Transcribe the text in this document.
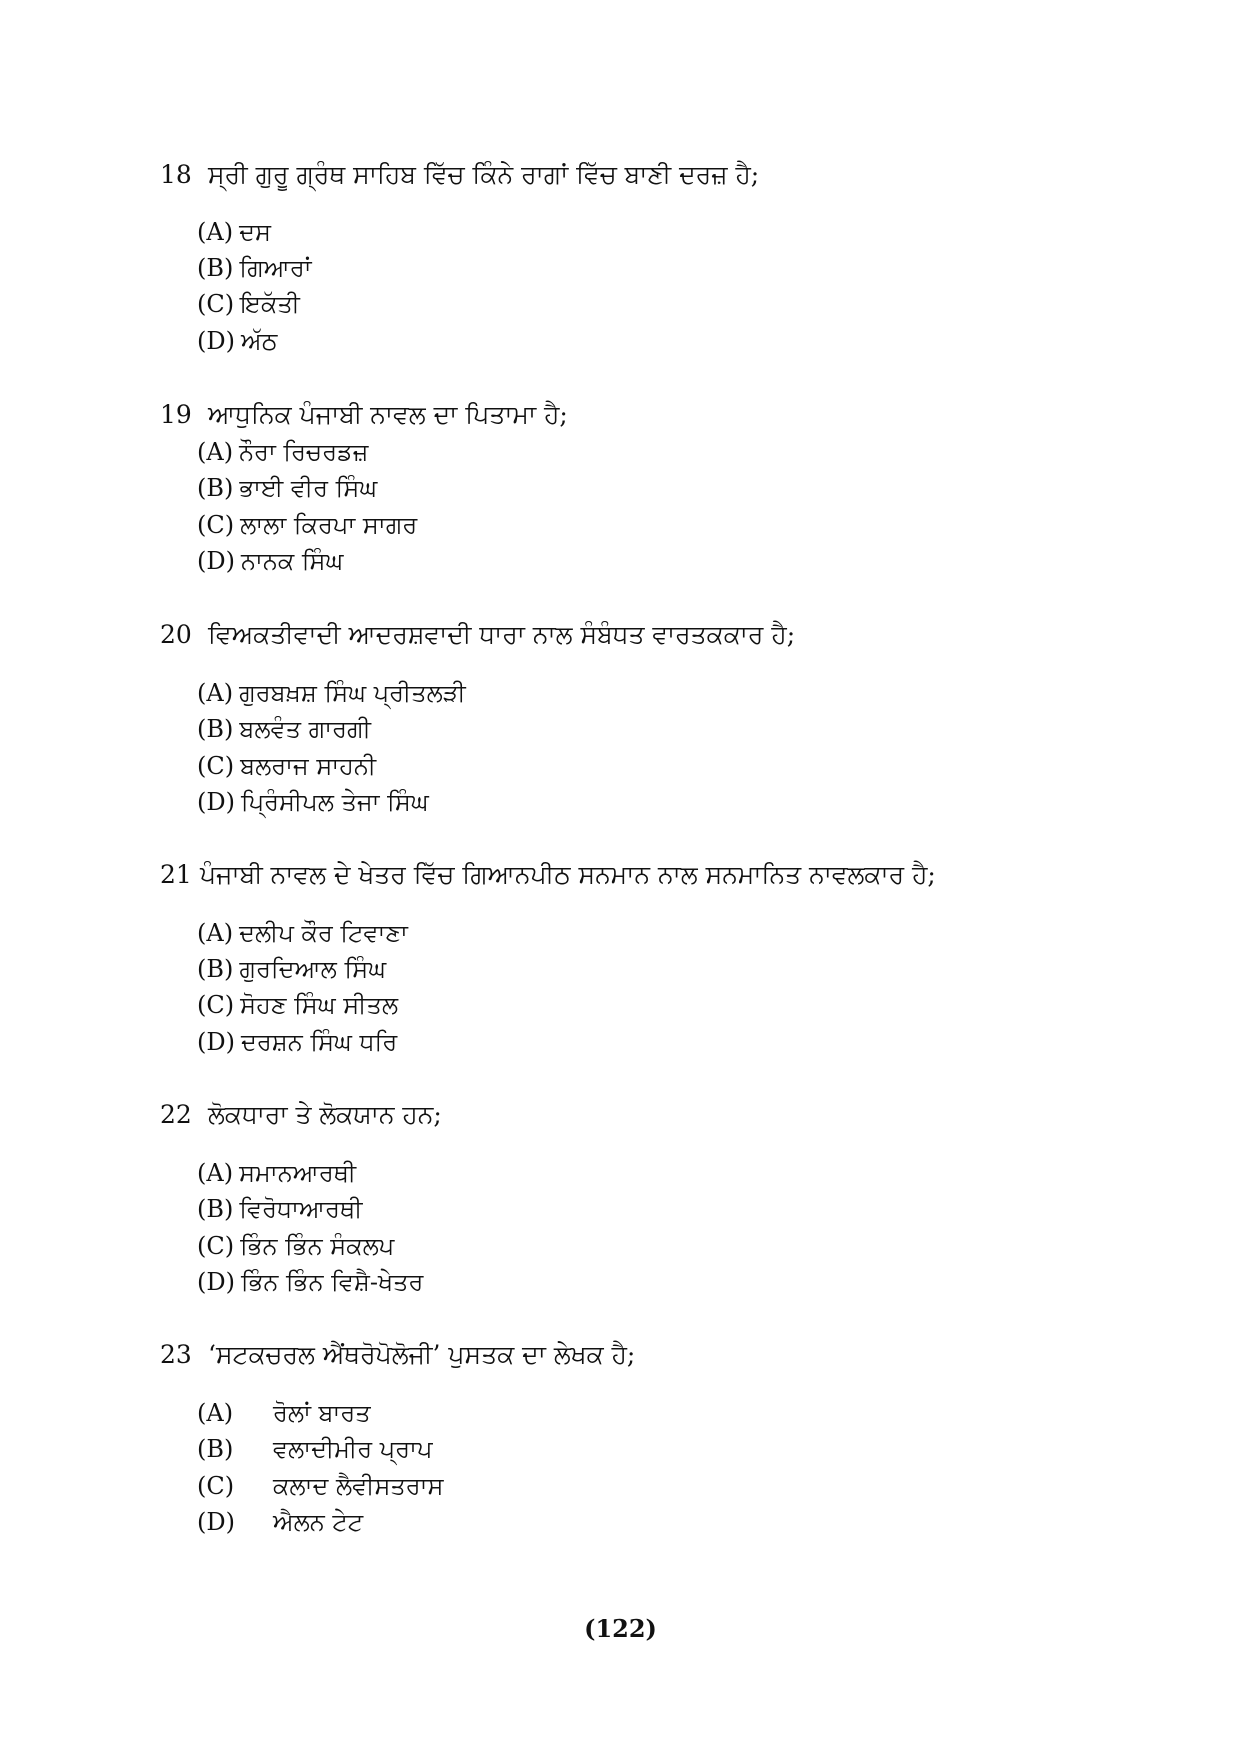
18 ਸ੍ਰੀ ਗੁਰੂ ਗ੍ਰੰਥ ਸਾਹਿਬ ਵਿੱਚ ਕਿੰਨੇ ਰਾਗਾਂ ਵਿੱਚ ਬਾਣੀ ਦਰਜ਼ ਹੈ;
(A) ਦਸ
(B) ਗਿਆਰਾਂ
(C) ਇਕੱਤੀ
(D) ਅੱਠ
19 ਆਧੁਨਿਕ ਪੰਜਾਬੀ ਨਾਵਲ ਦਾ ਪਿਤਾਮਾ ਹੈ;
(A) ਨੌਰਾ ਰਿਚਰਡਜ਼
(B) ਭਾਈ ਵੀਰ ਸਿੰਘ
(C) ਲਾਲਾ ਕਿਰਪਾ ਸਾਗਰ
(D) ਨਾਨਕ ਸਿੰਘ
20 ਵਿਅਕਤੀਵਾਦੀ ਆਦਰਸ਼ਵਾਦੀ ਧਾਰਾ ਨਾਲ ਸੰਬੰਧਤ ਵਾਰਤਕਕਾਰ ਹੈ;
(A) ਗੁਰਬਖ਼ਸ਼ ਸਿੰਘ ਪ੍ਰੀਤਲੜੀ
(B) ਬਲਵੰਤ ਗਾਰਗੀ
(C) ਬਲਰਾਜ ਸਾਹਨੀ
(D) ਪ੍ਰਿੰਸੀਪਲ ਤੇਜਾ ਸਿੰਘ
21 ਪੰਜਾਬੀ ਨਾਵਲ ਦੇ ਖੇਤਰ ਵਿੱਚ ਗਿਆਨਪੀਠ ਸਨਮਾਨ ਨਾਲ ਸਨਮਾਨਿਤ ਨਾਵਲਕਾਰ ਹੈ;
(A) ਦਲੀਪ ਕੌਰ ਟਿਵਾਣਾ
(B) ਗੁਰਦਿਆਲ ਸਿੰਘ
(C) ਸੋਹਣ ਸਿੰਘ ਸੀਤਲ
(D) ਦਰਸ਼ਨ ਸਿੰਘ ਧਰਿ
22 ਲੋਕਧਾਰਾ ਤੇ ਲੋਕਯਾਨ ਹਨ;
(A) ਸਮਾਨਆਰਥੀ
(B) ਵਿਰੋਧਾਆਰਥੀ
(C) ਭਿੰਨ ਭਿੰਨ ਸੰਕਲਪ
(D) ਭਿੰਨ ਭਿੰਨ ਵਿਸ਼ੈ-ਖੇਤਰ
23 ‘ਸਟਕਚਰਲ ਐਂਥਰੋਪੋਲੋਜੀ’ ਪੁਸਤਕ ਦਾ ਲੇਖਕ ਹੈ;
(A) ਰੋਲਾਂ ਬਾਰਤ
(B) ਵਲਾਦੀਮੀਰ ਪ੍ਰਾਪ
(C) ਕਲਾਦ ਲੈਵੀਸਤਰਾਸ
(D) ਐਲਨ ਟੇਟ
(122)
